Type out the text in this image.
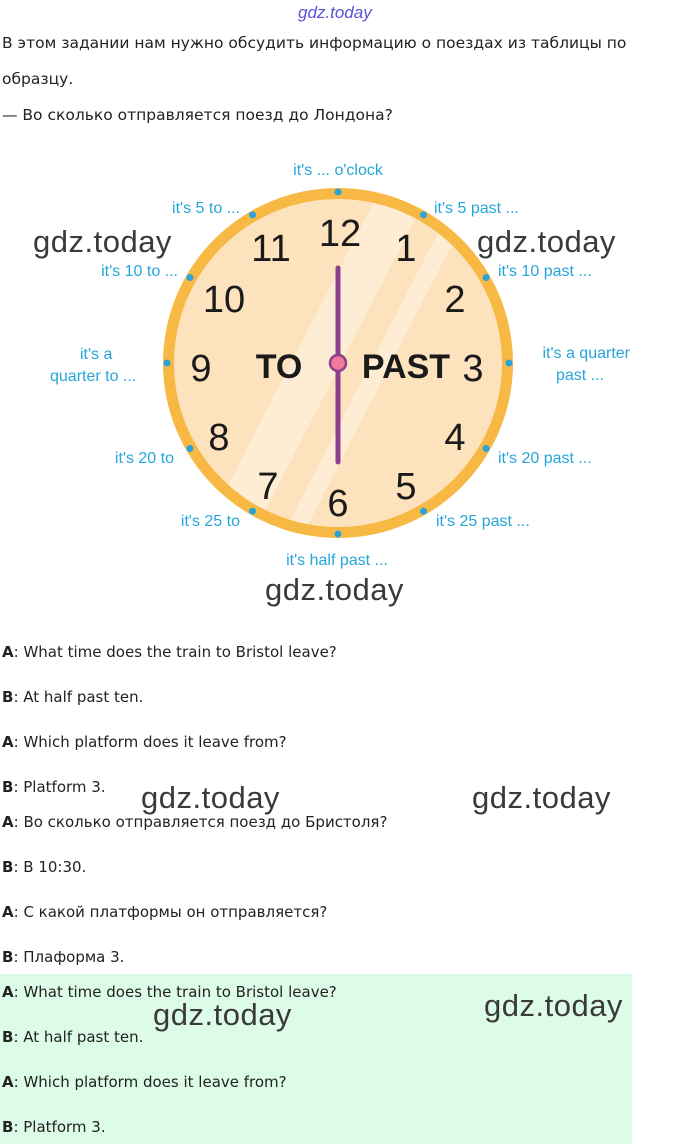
gdz.today
gdz.today	gdz.today
gdz.today
gdz.today	gdz.today
gdz.today	gdz.today
В этом задании нам нужно обсудить информацию о поездах из таблицы по
образцу.
— Во сколько отправляется поезд до Лондона?
12 1
2
3
4
5
6
7
8
9
10
11
TO PAST
it's ... o'clock
it's 5 past ...
it's 10 past ...
it's a quarter
past ...
it's 20 past ...
it's 25 past ...
it's half past ...
it's 25 to
it's 20 to
it's a
quarter to ...
it's 10 to ...
it's 5 to ...
A: What time does the train to Bristol leave?
B: At half past ten.
A: Which platform does it leave from?
B: Platform 3.
A: Во сколько отправляется поезд до Бристоля?
B: В 10:30.
A: С какой платформы он отправляется?
B: Плаформа 3.
A: What time does the train to Bristol leave?
B: At half past ten.
A: Which platform does it leave from?
B: Platform 3.
